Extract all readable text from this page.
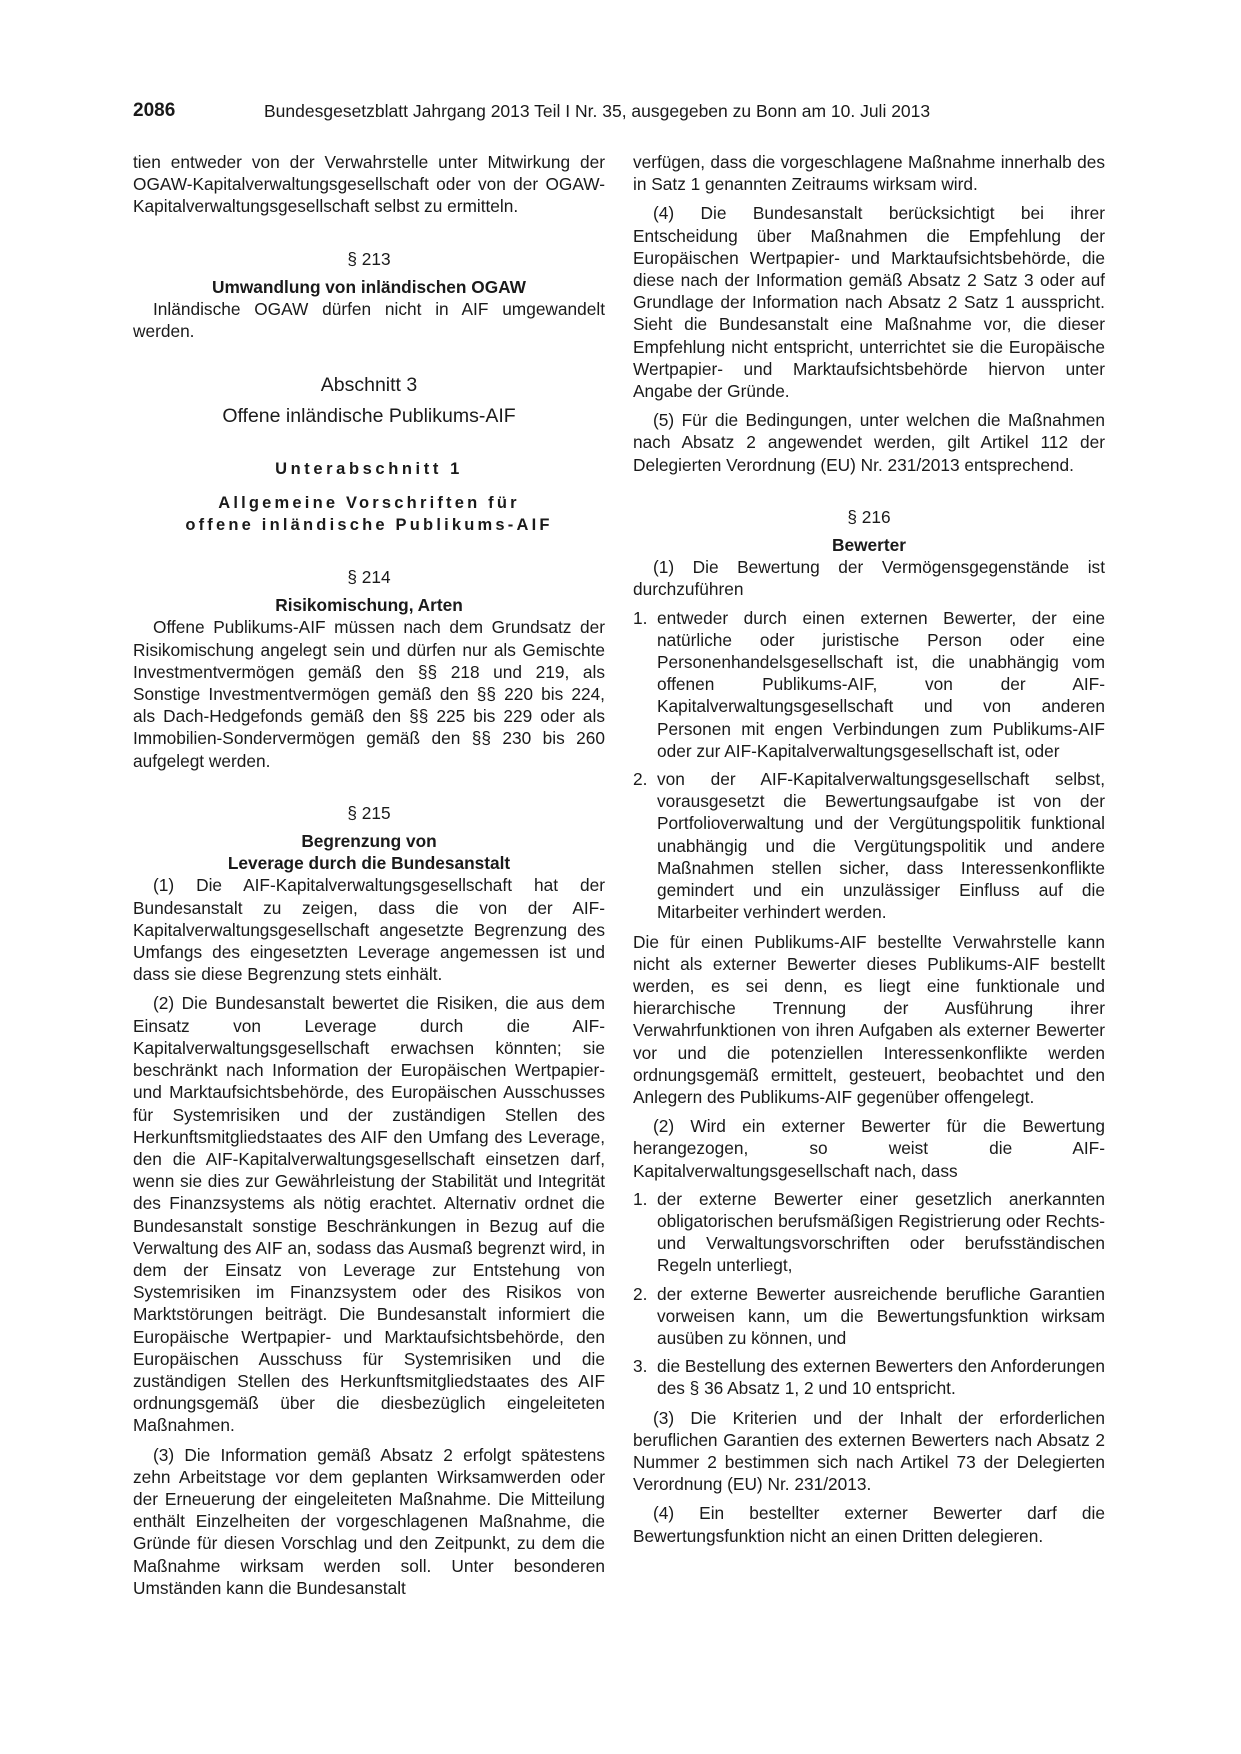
2086	Bundesgesetzblatt Jahrgang 2013 Teil I Nr. 35, ausgegeben zu Bonn am 10. Juli 2013

tien entweder von der Verwahrstelle unter Mitwirkung der OGAW-Kapitalverwaltungsgesellschaft oder von der OGAW-Kapitalverwaltungsgesellschaft selbst zu ermitteln.

§ 213
Umwandlung von inländischen OGAW

Inländische OGAW dürfen nicht in AIF umgewandelt werden.

Abschnitt 3
Offene inländische Publikums-AIF
Unterabschnitt 1
Allgemeine Vorschriften für
offene inländische Publikums-AIF
§ 214
Risikomischung, Arten

Offene Publikums-AIF müssen nach dem Grundsatz der Risikomischung angelegt sein und dürfen nur als Gemischte Investmentvermögen gemäß den §§ 218 und 219, als Sonstige Investmentvermögen gemäß den §§ 220 bis 224, als Dach-Hedgefonds gemäß den §§ 225 bis 229 oder als Immobilien-Sondervermögen gemäß den §§ 230 bis 260 aufgelegt werden.

§ 215
Begrenzung von
Leverage durch die Bundesanstalt

(1) Die AIF-Kapitalverwaltungsgesellschaft hat der Bundesanstalt zu zeigen, dass die von der AIF-Kapitalverwaltungsgesellschaft angesetzte Begrenzung des Umfangs des eingesetzten Leverage angemessen ist und dass sie diese Begrenzung stets einhält.

(2) Die Bundesanstalt bewertet die Risiken, die aus dem Einsatz von Leverage durch die AIF-Kapitalverwaltungsgesellschaft erwachsen könnten; sie beschränkt nach Information der Europäischen Wertpapier- und Marktaufsichtsbehörde, des Europäischen Ausschusses für Systemrisiken und der zuständigen Stellen des Herkunftsmitgliedstaates des AIF den Umfang des Leverage, den die AIF-Kapitalverwaltungsgesellschaft einsetzen darf, wenn sie dies zur Gewährleistung der Stabilität und Integrität des Finanzsystems als nötig erachtet. Alternativ ordnet die Bundesanstalt sonstige Beschränkungen in Bezug auf die Verwaltung des AIF an, sodass das Ausmaß begrenzt wird, in dem der Einsatz von Leverage zur Entstehung von Systemrisiken im Finanzsystem oder des Risikos von Marktstörungen beiträgt. Die Bundesanstalt informiert die Europäische Wertpapier- und Marktaufsichtsbehörde, den Europäischen Ausschuss für Systemrisiken und die zuständigen Stellen des Herkunftsmitgliedstaates des AIF ordnungsgemäß über die diesbezüglich eingeleiteten Maßnahmen.

(3) Die Information gemäß Absatz 2 erfolgt spätestens zehn Arbeitstage vor dem geplanten Wirksamwerden oder der Erneuerung der eingeleiteten Maßnahme. Die Mitteilung enthält Einzelheiten der vorgeschlagenen Maßnahme, die Gründe für diesen Vorschlag und den Zeitpunkt, zu dem die Maßnahme wirksam werden soll. Unter besonderen Umständen kann die Bundesanstalt

verfügen, dass die vorgeschlagene Maßnahme innerhalb des in Satz 1 genannten Zeitraums wirksam wird.

(4) Die Bundesanstalt berücksichtigt bei ihrer Entscheidung über Maßnahmen die Empfehlung der Europäischen Wertpapier- und Marktaufsichtsbehörde, die diese nach der Information gemäß Absatz 2 Satz 3 oder auf Grundlage der Information nach Absatz 2 Satz 1 ausspricht. Sieht die Bundesanstalt eine Maßnahme vor, die dieser Empfehlung nicht entspricht, unterrichtet sie die Europäische Wertpapier- und Marktaufsichtsbehörde hiervon unter Angabe der Gründe.

(5) Für die Bedingungen, unter welchen die Maßnahmen nach Absatz 2 angewendet werden, gilt Artikel 112 der Delegierten Verordnung (EU) Nr. 231/2013 entsprechend.

§ 216
Bewerter

(1) Die Bewertung der Vermögensgegenstände ist durchzuführen

1. entweder durch einen externen Bewerter, der eine natürliche oder juristische Person oder eine Personenhandelsgesellschaft ist, die unabhängig vom offenen Publikums-AIF, von der AIF-Kapitalverwaltungsgesellschaft und von anderen Personen mit engen Verbindungen zum Publikums-AIF oder zur AIF-Kapitalverwaltungsgesellschaft ist, oder
2. von der AIF-Kapitalverwaltungsgesellschaft selbst, vorausgesetzt die Bewertungsaufgabe ist von der Portfolioverwaltung und der Vergütungspolitik funktional unabhängig und die Vergütungspolitik und andere Maßnahmen stellen sicher, dass Interessenkonflikte gemindert und ein unzulässiger Einfluss auf die Mitarbeiter verhindert werden.

Die für einen Publikums-AIF bestellte Verwahrstelle kann nicht als externer Bewerter dieses Publikums-AIF bestellt werden, es sei denn, es liegt eine funktionale und hierarchische Trennung der Ausführung ihrer Verwahrfunktionen von ihren Aufgaben als externer Bewerter vor und die potenziellen Interessenkonflikte werden ordnungsgemäß ermittelt, gesteuert, beobachtet und den Anlegern des Publikums-AIF gegenüber offengelegt.

(2) Wird ein externer Bewerter für die Bewertung herangezogen, so weist die AIF-Kapitalverwaltungsgesellschaft nach, dass

1. der externe Bewerter einer gesetzlich anerkannten obligatorischen berufsmäßigen Registrierung oder Rechts- und Verwaltungsvorschriften oder berufsständischen Regeln unterliegt,
2. der externe Bewerter ausreichende berufliche Garantien vorweisen kann, um die Bewertungsfunktion wirksam ausüben zu können, und
3. die Bestellung des externen Bewerters den Anforderungen des § 36 Absatz 1, 2 und 10 entspricht.

(3) Die Kriterien und der Inhalt der erforderlichen beruflichen Garantien des externen Bewerters nach Absatz 2 Nummer 2 bestimmen sich nach Artikel 73 der Delegierten Verordnung (EU) Nr. 231/2013.

(4) Ein bestellter externer Bewerter darf die Bewertungsfunktion nicht an einen Dritten delegieren.
